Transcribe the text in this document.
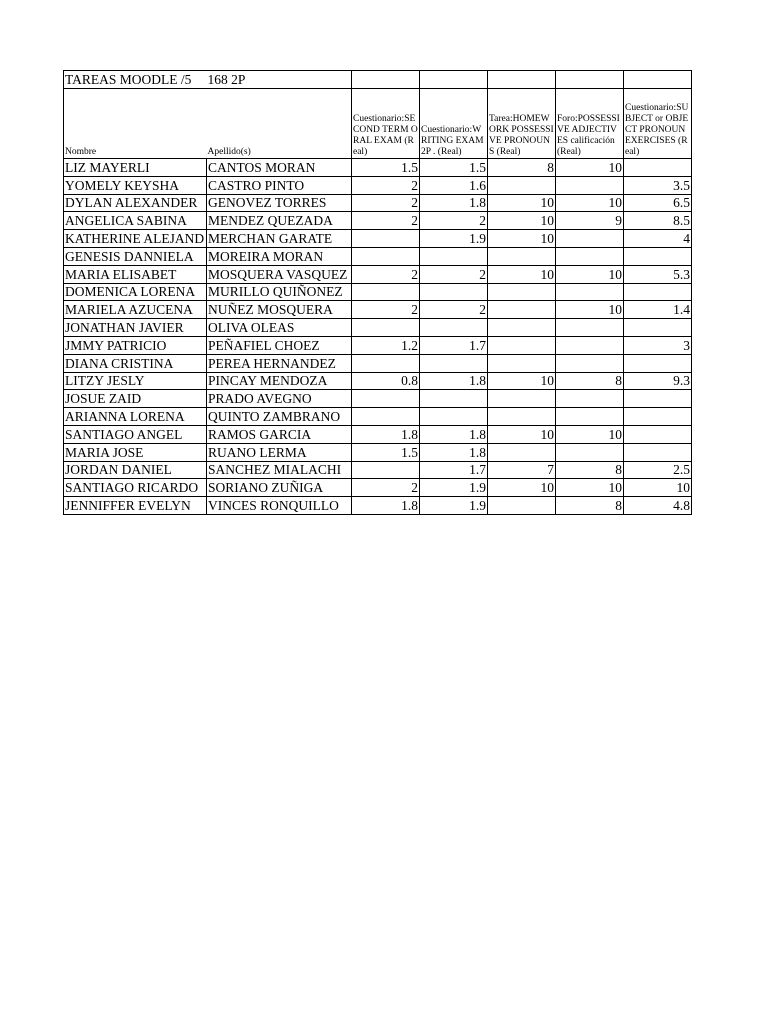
TAREAS MOODLE /5	168 2P					
Nombre	Apellido(s)	Cuestionario:SECOND TERM ORAL EXAM (Real)	Cuestionario:WRITING EXAM 2P . (Real)	Tarea:HOMEWORK POSSESSIVE PRONOUNS (Real)	Foro:POSSESSIVE ADJECTIVES calificación (Real)	Cuestionario:SUBJECT or OBJECT PRONOUN EXERCISES (Real)
LIZ MAYERLI	CANTOS MORAN	1.5	1.5	8	10	
YOMELY KEYSHA	CASTRO PINTO	2	1.6			3.5
DYLAN ALEXANDER	GENOVEZ TORRES	2	1.8	10	10	6.5
ANGELICA SABINA	MENDEZ QUEZADA	2	2	10	9	8.5
KATHERINE ALEJAND	MERCHAN GARATE		1.9	10		4
GENESIS DANNIELA	MOREIRA MORAN					
MARIA ELISABET	MOSQUERA VASQUEZ	2	2	10	10	5.3
DOMENICA LORENA	MURILLO QUIÑONEZ					
MARIELA AZUCENA	NUÑEZ MOSQUERA	2	2		10	1.4
JONATHAN JAVIER	OLIVA OLEAS					
JMMY PATRICIO	PEÑAFIEL CHOEZ	1.2	1.7			3
DIANA CRISTINA	PEREA HERNANDEZ					
LITZY JESLY	PINCAY MENDOZA	0.8	1.8	10	8	9.3
JOSUE ZAID	PRADO AVEGNO					
ARIANNA LORENA	QUINTO ZAMBRANO					
SANTIAGO ANGEL	RAMOS GARCIA	1.8	1.8	10	10	
MARIA JOSE	RUANO LERMA	1.5	1.8			
JORDAN DANIEL	SANCHEZ MIALACHI		1.7	7	8	2.5
SANTIAGO RICARDO	SORIANO ZUÑIGA	2	1.9	10	10	10
JENNIFFER EVELYN	VINCES RONQUILLO	1.8	1.9		8	4.8
